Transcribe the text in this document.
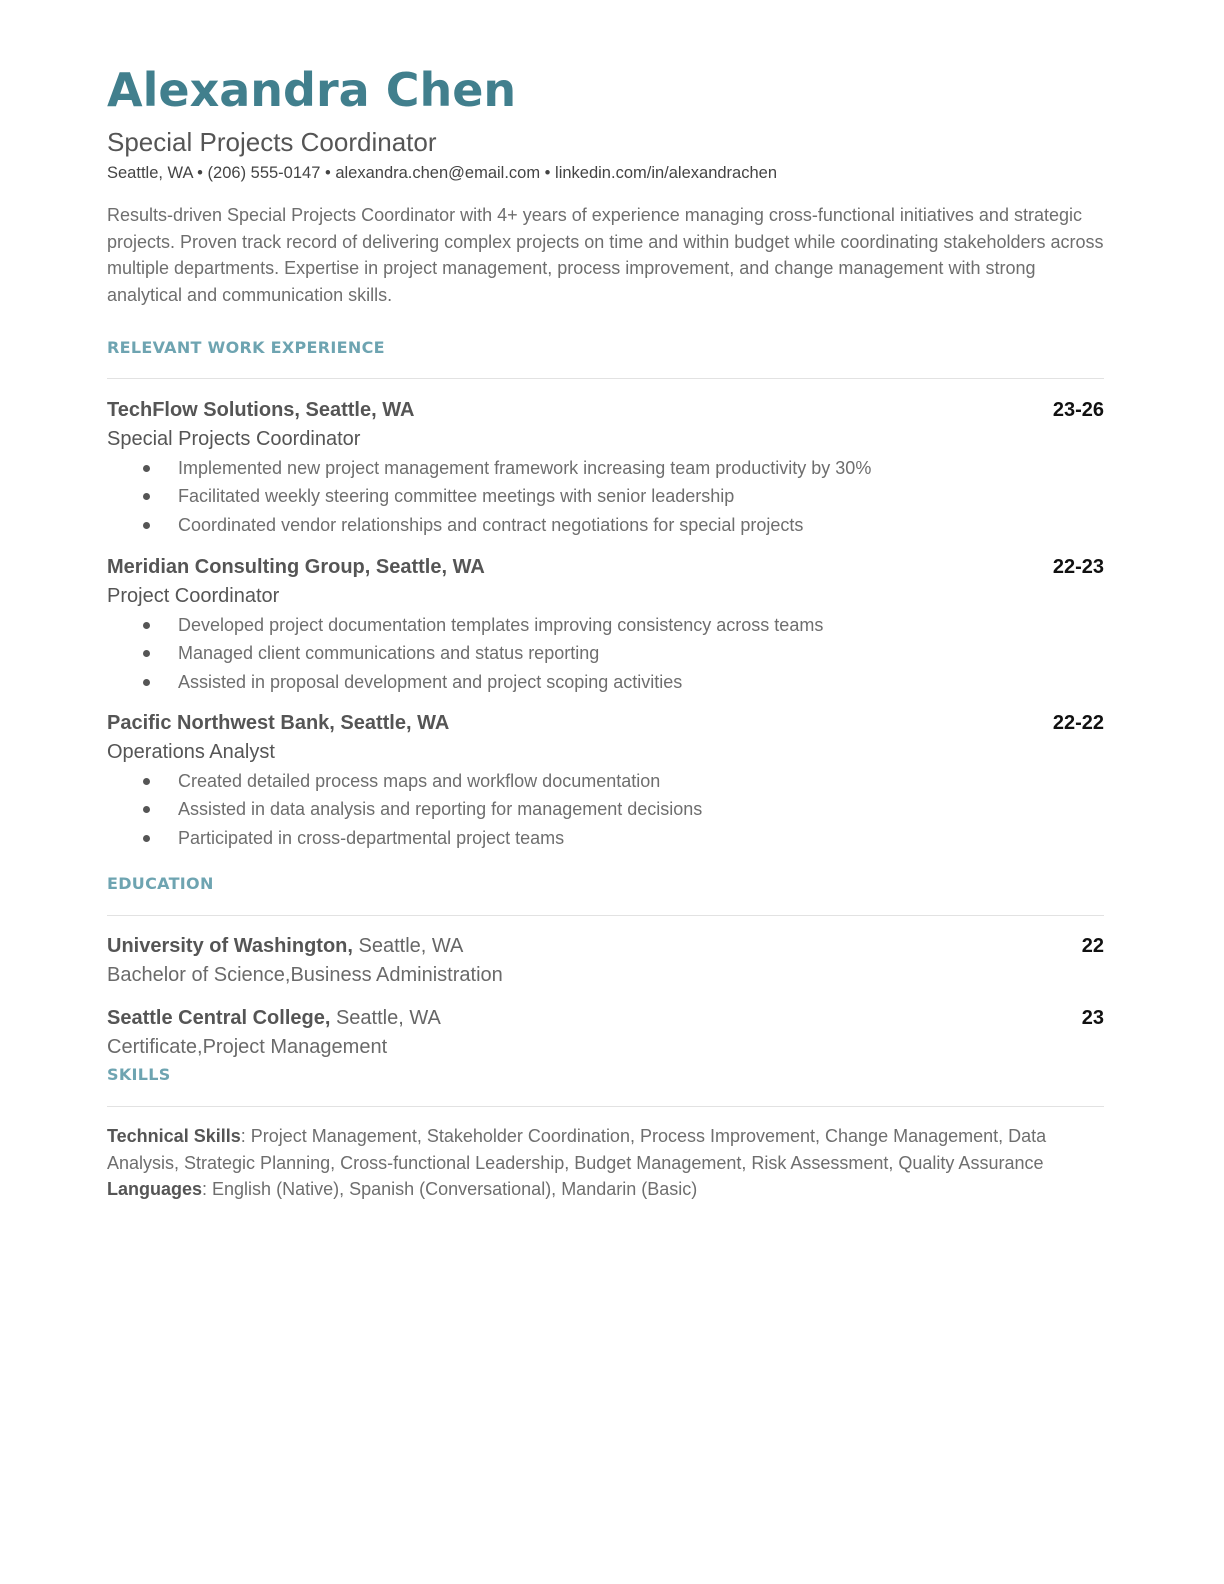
Alexandra Chen
Special Projects Coordinator
Seattle, WA • (206) 555-0147 • alexandra.chen@email.com • linkedin.com/in/alexandrachen

Results-driven Special Projects Coordinator with 4+ years of experience managing cross-functional initiatives and strategic projects. Proven track record of delivering complex projects on time and within budget while coordinating stakeholders across multiple departments. Expertise in project management, process improvement, and change management with strong analytical and communication skills.

RELEVANT WORK EXPERIENCE
TechFlow Solutions, Seattle, WA	23-26
Special Projects Coordinator
Implemented new project management framework increasing team productivity by 30%
Facilitated weekly steering committee meetings with senior leadership
Coordinated vendor relationships and contract negotiations for special projects
Meridian Consulting Group, Seattle, WA	22-23
Project Coordinator
Developed project documentation templates improving consistency across teams
Managed client communications and status reporting
Assisted in proposal development and project scoping activities
Pacific Northwest Bank, Seattle, WA	22-22
Operations Analyst
Created detailed process maps and workflow documentation
Assisted in data analysis and reporting for management decisions
Participated in cross-departmental project teams
EDUCATION
University of Washington, Seattle, WA	22
Bachelor of Science,Business Administration
Seattle Central College, Seattle, WA	23
Certificate,Project Management
SKILLS

Technical Skills: Project Management, Stakeholder Coordination, Process Improvement, Change Management, Data Analysis, Strategic Planning, Cross-functional Leadership, Budget Management, Risk Assessment, Quality Assurance

Languages: English (Native), Spanish (Conversational), Mandarin (Basic)
